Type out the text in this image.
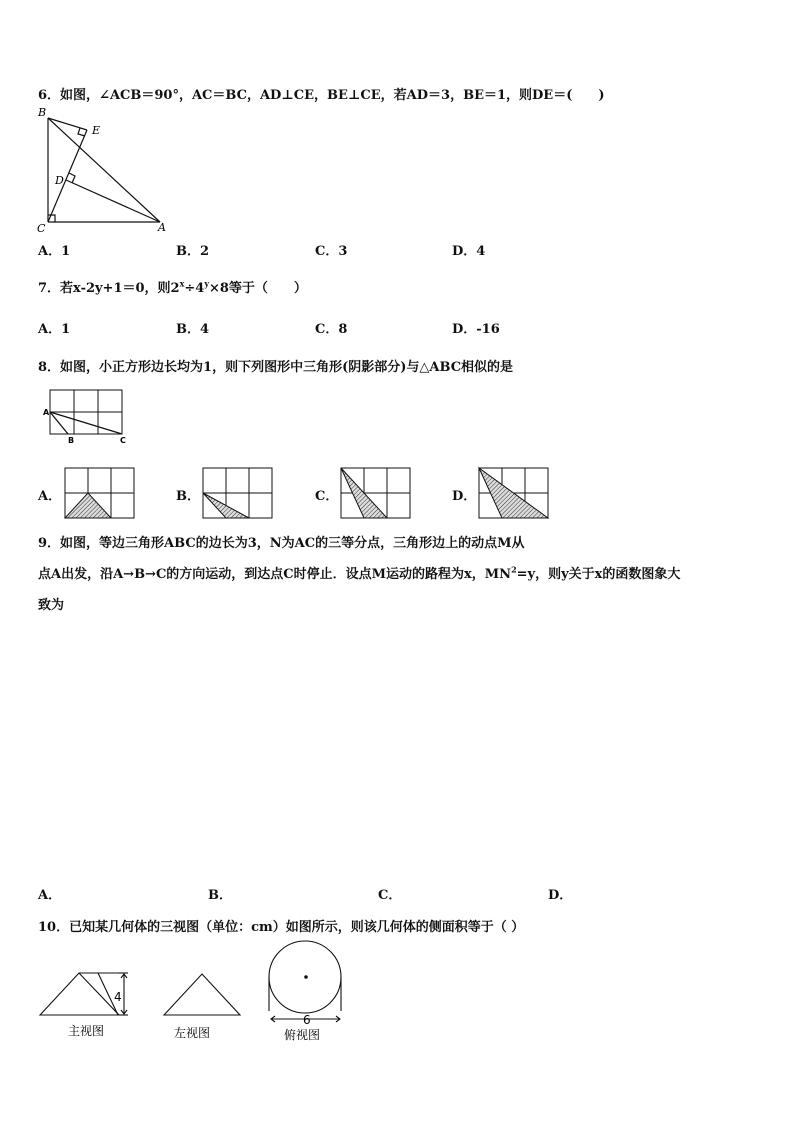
6．如图，∠ACB＝90°，AC＝BC，AD⊥CE，BE⊥CE，若AD＝3，BE＝1，则DE＝(　　)
B
E
D
C	A
A．1	B．2	C．3	D．4
7．若x-2y+1＝0，则$2^x\div 4^y\times 8$等于（　　）
A．1	B．4	C．8	D．-16
8．如图，小正方形边长均为1，则下列图形中三角形(阴影部分)与△ABC相似的是
A
B	C
A．	B．	C．	D．
9．如图，等边三角形ABC的边长为3，N为AC的三等分点，三角形边上的动点M从
点A出发，沿A→B→C的方向运动，到达点C时停止．设点M运动的路程为x，$MN^2=y$，则y关于x的函数图象大
致为
A．	B．	C．	D．
10．已知某几何体的三视图（单位：cm）如图所示，则该几何体的侧面积等于（ ）
4
主视图	左视图
6
俯视图
